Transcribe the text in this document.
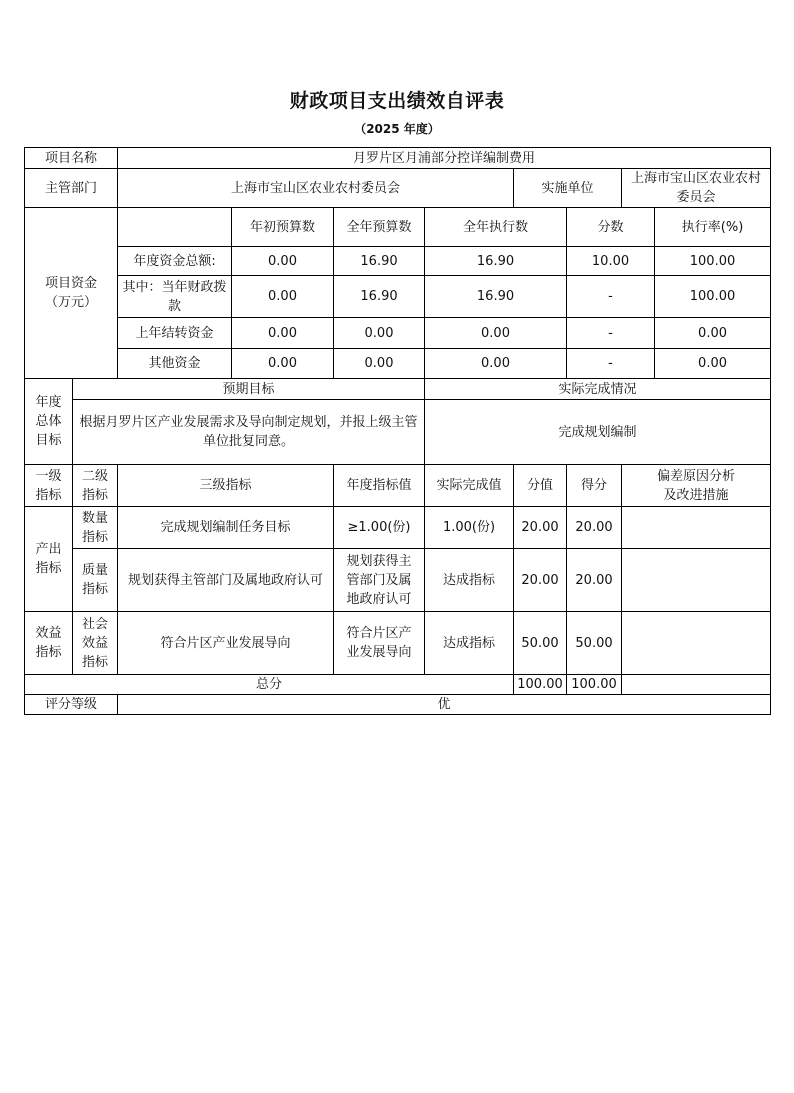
财政项目支出绩效自评表
（2025 年度）
项目名称		月罗片区月浦部分控详编制费用								
主管部门		上海市宝山区农业农村委员会				实施单位		上海市宝山区农业农村委员会		

项目资金
（万元）			年初预算数	全年预算数	全年执行数		分数		执行率(%)	
		年度资金总额:	0.00	16.90	16.90		10.00		100.00	
		其中：当年财政拨款	0.00	16.90	16.90		-		100.00	
		上年结转资金	0.00	0.00	0.00		-		0.00	
		其他资金	0.00	0.00	0.00		-		0.00	

年度总体目标	预期目标				实际完成情况					
	根据月罗片区产业发展需求及导向制定规划，并报上级主管单位批复同意。				完成规划编制					

一级指标	二级指标	三级指标		年度指标值	实际完成值	分值	得分	偏差原因分析及改进措施		

产出指标	数量指标	完成规划编制任务目标		≥1.00(份)	1.00(份)	20.00	20.00			

	质量指标	规划获得主管部门及属地政府认可		规划获得主管部门及属地政府认可	达成指标	20.00	20.00			

效益指标	社会效益指标	符合片区产业发展导向		符合片区产业发展导向	达成指标	50.00	50.00			
总分						100.00	100.00			
评分等级		优								
